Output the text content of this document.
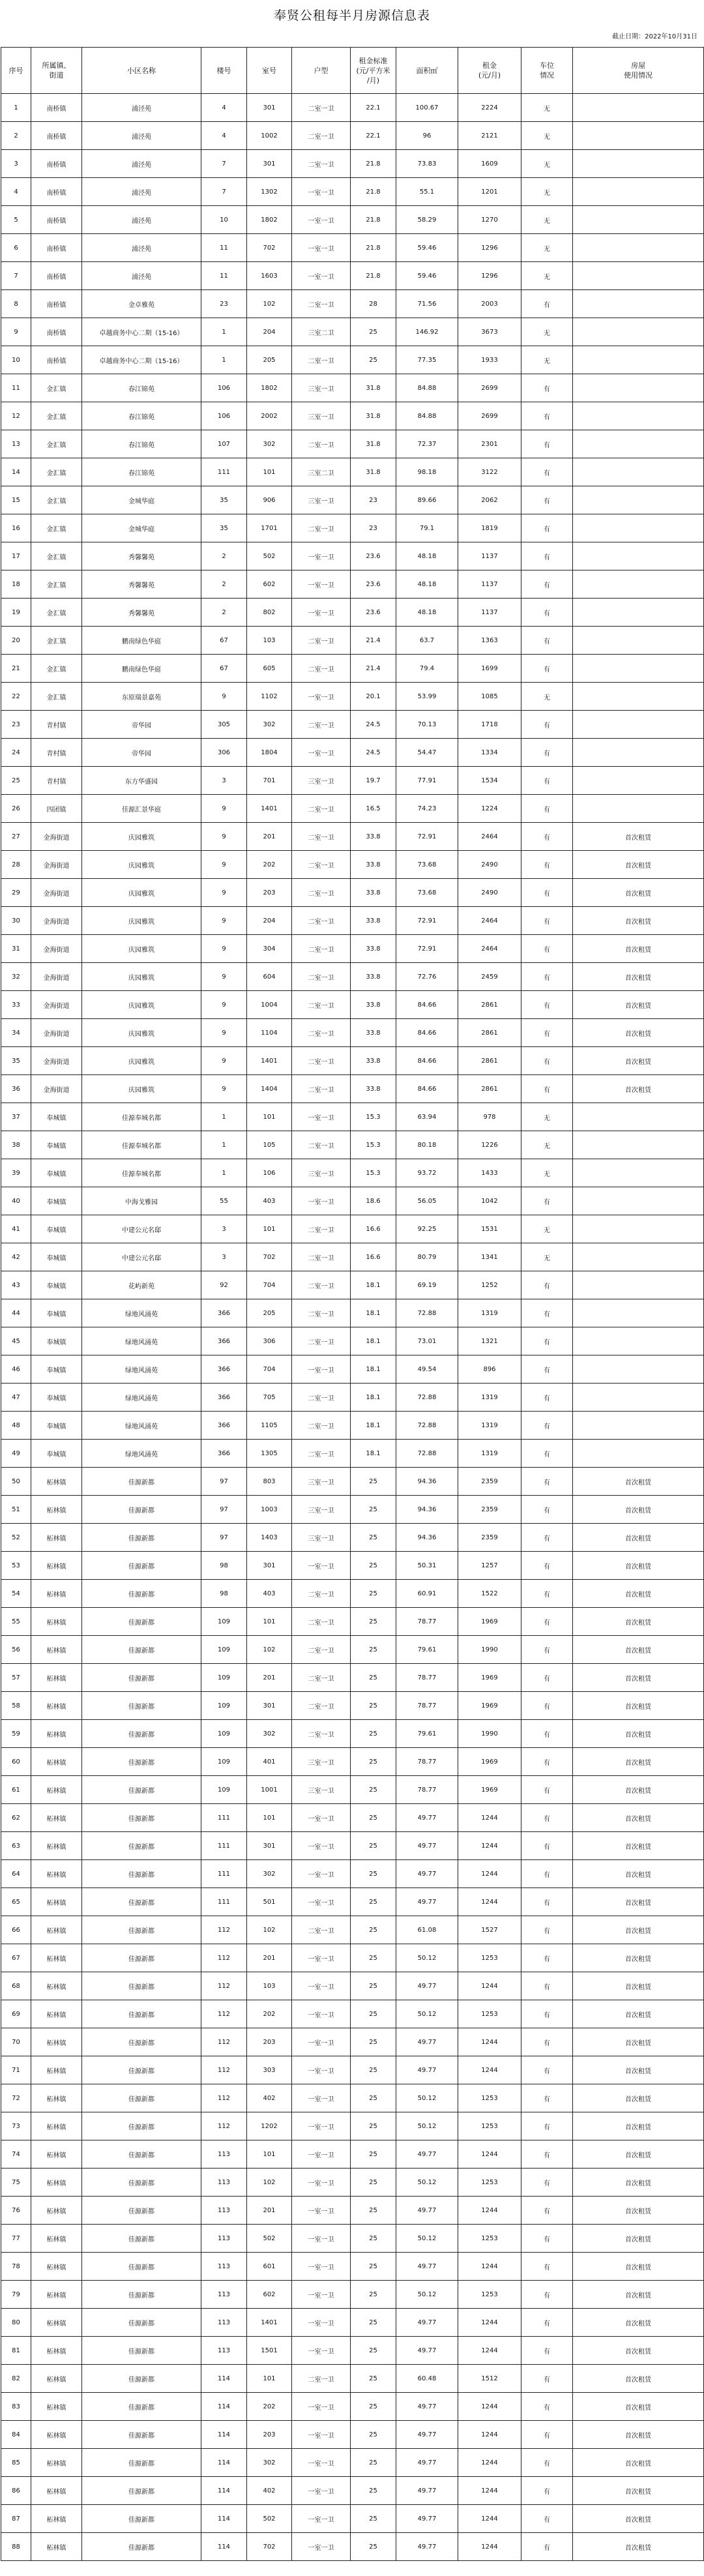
奉贤公租每半月房源信息表
截止日期：2022年10月31日
序号	所属镇、
街道	小区名称	楼号	室号	户型	租金标准
(元/平方米
/月)	面积㎡	租金
(元/月)	车位
情况	房屋
使用情况

1	南桥镇	浦泾苑	4	301	二室一卫	22.1	100.67	2224	无	
2	南桥镇	浦泾苑	4	1002	二室一卫	22.1	96	2121	无	
3	南桥镇	浦泾苑	7	301	二室一卫	21.8	73.83	1609	无	
4	南桥镇	浦泾苑	7	1302	一室一卫	21.8	55.1	1201	无	
5	南桥镇	浦泾苑	10	1802	一室一卫	21.8	58.29	1270	无	
6	南桥镇	浦泾苑	11	702	一室一卫	21.8	59.46	1296	无	
7	南桥镇	浦泾苑	11	1603	一室一卫	21.8	59.46	1296	无	
8	南桥镇	金卓雅苑	23	102	二室一卫	28	71.56	2003	有	
9	南桥镇	卓越商务中心二期（15-16）	1	204	三室二卫	25	146.92	3673	无	
10	南桥镇	卓越商务中心二期（15-16）	1	205	二室一卫	25	77.35	1933	无	
11	金汇镇	春江锦苑	106	1802	三室一卫	31.8	84.88	2699	有	
12	金汇镇	春江锦苑	106	2002	三室一卫	31.8	84.88	2699	有	
13	金汇镇	春江锦苑	107	302	二室一卫	31.8	72.37	2301	有	
14	金汇镇	春江锦苑	111	101	三室二卫	31.8	98.18	3122	有	
15	金汇镇	金城华庭	35	906	三室一卫	23	89.66	2062	有	
16	金汇镇	金城华庭	35	1701	二室一卫	23	79.1	1819	有	
17	金汇镇	秀馨馨苑	2	502	一室一卫	23.6	48.18	1137	有	
18	金汇镇	秀馨馨苑	2	602	一室一卫	23.6	48.18	1137	有	
19	金汇镇	秀馨馨苑	2	802	一室一卫	23.6	48.18	1137	有	
20	金汇镇	鹏南绿色华庭	67	103	二室一卫	21.4	63.7	1363	有	
21	金汇镇	鹏南绿色华庭	67	605	二室一卫	21.4	79.4	1699	有	
22	金汇镇	东原瑞景嘉苑	9	1102	一室一卫	20.1	53.99	1085	无	
23	青村镇	帝华园	305	302	二室一卫	24.5	70.13	1718	有	
24	青村镇	帝华园	306	1804	一室一卫	24.5	54.47	1334	有	
25	青村镇	东方华盛园	3	701	三室一卫	19.7	77.91	1534	有	
26	四团镇	佳源汇景华庭	9	1401	二室一卫	16.5	74.23	1224	有	
27	金海街道	庆园雅筑	9	201	二室一卫	33.8	72.91	2464	有	首次租赁
28	金海街道	庆园雅筑	9	202	二室一卫	33.8	73.68	2490	有	首次租赁
29	金海街道	庆园雅筑	9	203	二室一卫	33.8	73.68	2490	有	首次租赁
30	金海街道	庆园雅筑	9	204	二室一卫	33.8	72.91	2464	有	首次租赁
31	金海街道	庆园雅筑	9	304	二室一卫	33.8	72.91	2464	有	首次租赁
32	金海街道	庆园雅筑	9	604	二室一卫	33.8	72.76	2459	有	首次租赁
33	金海街道	庆园雅筑	9	1004	二室一卫	33.8	84.66	2861	有	首次租赁
34	金海街道	庆园雅筑	9	1104	二室一卫	33.8	84.66	2861	有	首次租赁
35	金海街道	庆园雅筑	9	1401	二室一卫	33.8	84.66	2861	有	首次租赁
36	金海街道	庆园雅筑	9	1404	二室一卫	33.8	84.66	2861	有	首次租赁
37	奉城镇	佳源奉城名都	1	101	一室一卫	15.3	63.94	978	无	
38	奉城镇	佳源奉城名都	1	105	二室一卫	15.3	80.18	1226	无	
39	奉城镇	佳源奉城名都	1	106	三室一卫	15.3	93.72	1433	无	
40	奉城镇	中海戈雅园	55	403	一室一卫	18.6	56.05	1042	有	
41	奉城镇	中建公元名邸	3	101	二室一卫	16.6	92.25	1531	无	
42	奉城镇	中建公元名邸	3	702	二室一卫	16.6	80.79	1341	无	
43	奉城镇	花屿新苑	92	704	二室一卫	18.1	69.19	1252	有	
44	奉城镇	绿地风涌苑	366	205	二室一卫	18.1	72.88	1319	有	
45	奉城镇	绿地风涌苑	366	306	二室一卫	18.1	73.01	1321	有	
46	奉城镇	绿地风涌苑	366	704	一室一卫	18.1	49.54	896	有	
47	奉城镇	绿地风涌苑	366	705	二室一卫	18.1	72.88	1319	有	
48	奉城镇	绿地风涌苑	366	1105	二室一卫	18.1	72.88	1319	有	
49	奉城镇	绿地风涌苑	366	1305	二室一卫	18.1	72.88	1319	有	
50	柘林镇	佳源新都	97	803	三室一卫	25	94.36	2359	有	首次租赁
51	柘林镇	佳源新都	97	1003	三室一卫	25	94.36	2359	有	首次租赁
52	柘林镇	佳源新都	97	1403	三室一卫	25	94.36	2359	有	首次租赁
53	柘林镇	佳源新都	98	301	一室一卫	25	50.31	1257	有	首次租赁
54	柘林镇	佳源新都	98	403	二室一卫	25	60.91	1522	有	首次租赁
55	柘林镇	佳源新都	109	101	二室一卫	25	78.77	1969	有	首次租赁
56	柘林镇	佳源新都	109	102	二室一卫	25	79.61	1990	有	首次租赁
57	柘林镇	佳源新都	109	201	二室一卫	25	78.77	1969	有	首次租赁
58	柘林镇	佳源新都	109	301	二室一卫	25	78.77	1969	有	首次租赁
59	柘林镇	佳源新都	109	302	二室一卫	25	79.61	1990	有	首次租赁
60	柘林镇	佳源新都	109	401	三室一卫	25	78.77	1969	有	首次租赁
61	柘林镇	佳源新都	109	1001	三室一卫	25	78.77	1969	有	首次租赁
62	柘林镇	佳源新都	111	101	一室一卫	25	49.77	1244	有	首次租赁
63	柘林镇	佳源新都	111	301	一室一卫	25	49.77	1244	有	首次租赁
64	柘林镇	佳源新都	111	302	一室一卫	25	49.77	1244	有	首次租赁
65	柘林镇	佳源新都	111	501	一室一卫	25	49.77	1244	有	首次租赁
66	柘林镇	佳源新都	112	102	二室一卫	25	61.08	1527	有	首次租赁
67	柘林镇	佳源新都	112	201	一室一卫	25	50.12	1253	有	首次租赁
68	柘林镇	佳源新都	112	103	一室一卫	25	49.77	1244	有	首次租赁
69	柘林镇	佳源新都	112	202	一室一卫	25	50.12	1253	有	首次租赁
70	柘林镇	佳源新都	112	203	一室一卫	25	49.77	1244	有	首次租赁
71	柘林镇	佳源新都	112	303	一室一卫	25	49.77	1244	有	首次租赁
72	柘林镇	佳源新都	112	402	一室一卫	25	50.12	1253	有	首次租赁
73	柘林镇	佳源新都	112	1202	一室一卫	25	50.12	1253	有	首次租赁
74	柘林镇	佳源新都	113	101	一室一卫	25	49.77	1244	有	首次租赁
75	柘林镇	佳源新都	113	102	一室一卫	25	50.12	1253	有	首次租赁
76	柘林镇	佳源新都	113	201	一室一卫	25	49.77	1244	有	首次租赁
77	柘林镇	佳源新都	113	502	一室一卫	25	50.12	1253	有	首次租赁
78	柘林镇	佳源新都	113	601	一室一卫	25	49.77	1244	有	首次租赁
79	柘林镇	佳源新都	113	602	一室一卫	25	50.12	1253	有	首次租赁
80	柘林镇	佳源新都	113	1401	一室一卫	25	49.77	1244	有	首次租赁
81	柘林镇	佳源新都	113	1501	一室一卫	25	49.77	1244	有	首次租赁
82	柘林镇	佳源新都	114	101	二室一卫	25	60.48	1512	有	首次租赁
83	柘林镇	佳源新都	114	202	一室一卫	25	49.77	1244	有	首次租赁
84	柘林镇	佳源新都	114	203	一室一卫	25	49.77	1244	有	首次租赁
85	柘林镇	佳源新都	114	302	一室一卫	25	49.77	1244	有	首次租赁
86	柘林镇	佳源新都	114	402	一室一卫	25	49.77	1244	有	首次租赁
87	柘林镇	佳源新都	114	502	一室一卫	25	49.77	1244	有	首次租赁
88	柘林镇	佳源新都	114	702	一室一卫	25	49.77	1244	有	首次租赁
